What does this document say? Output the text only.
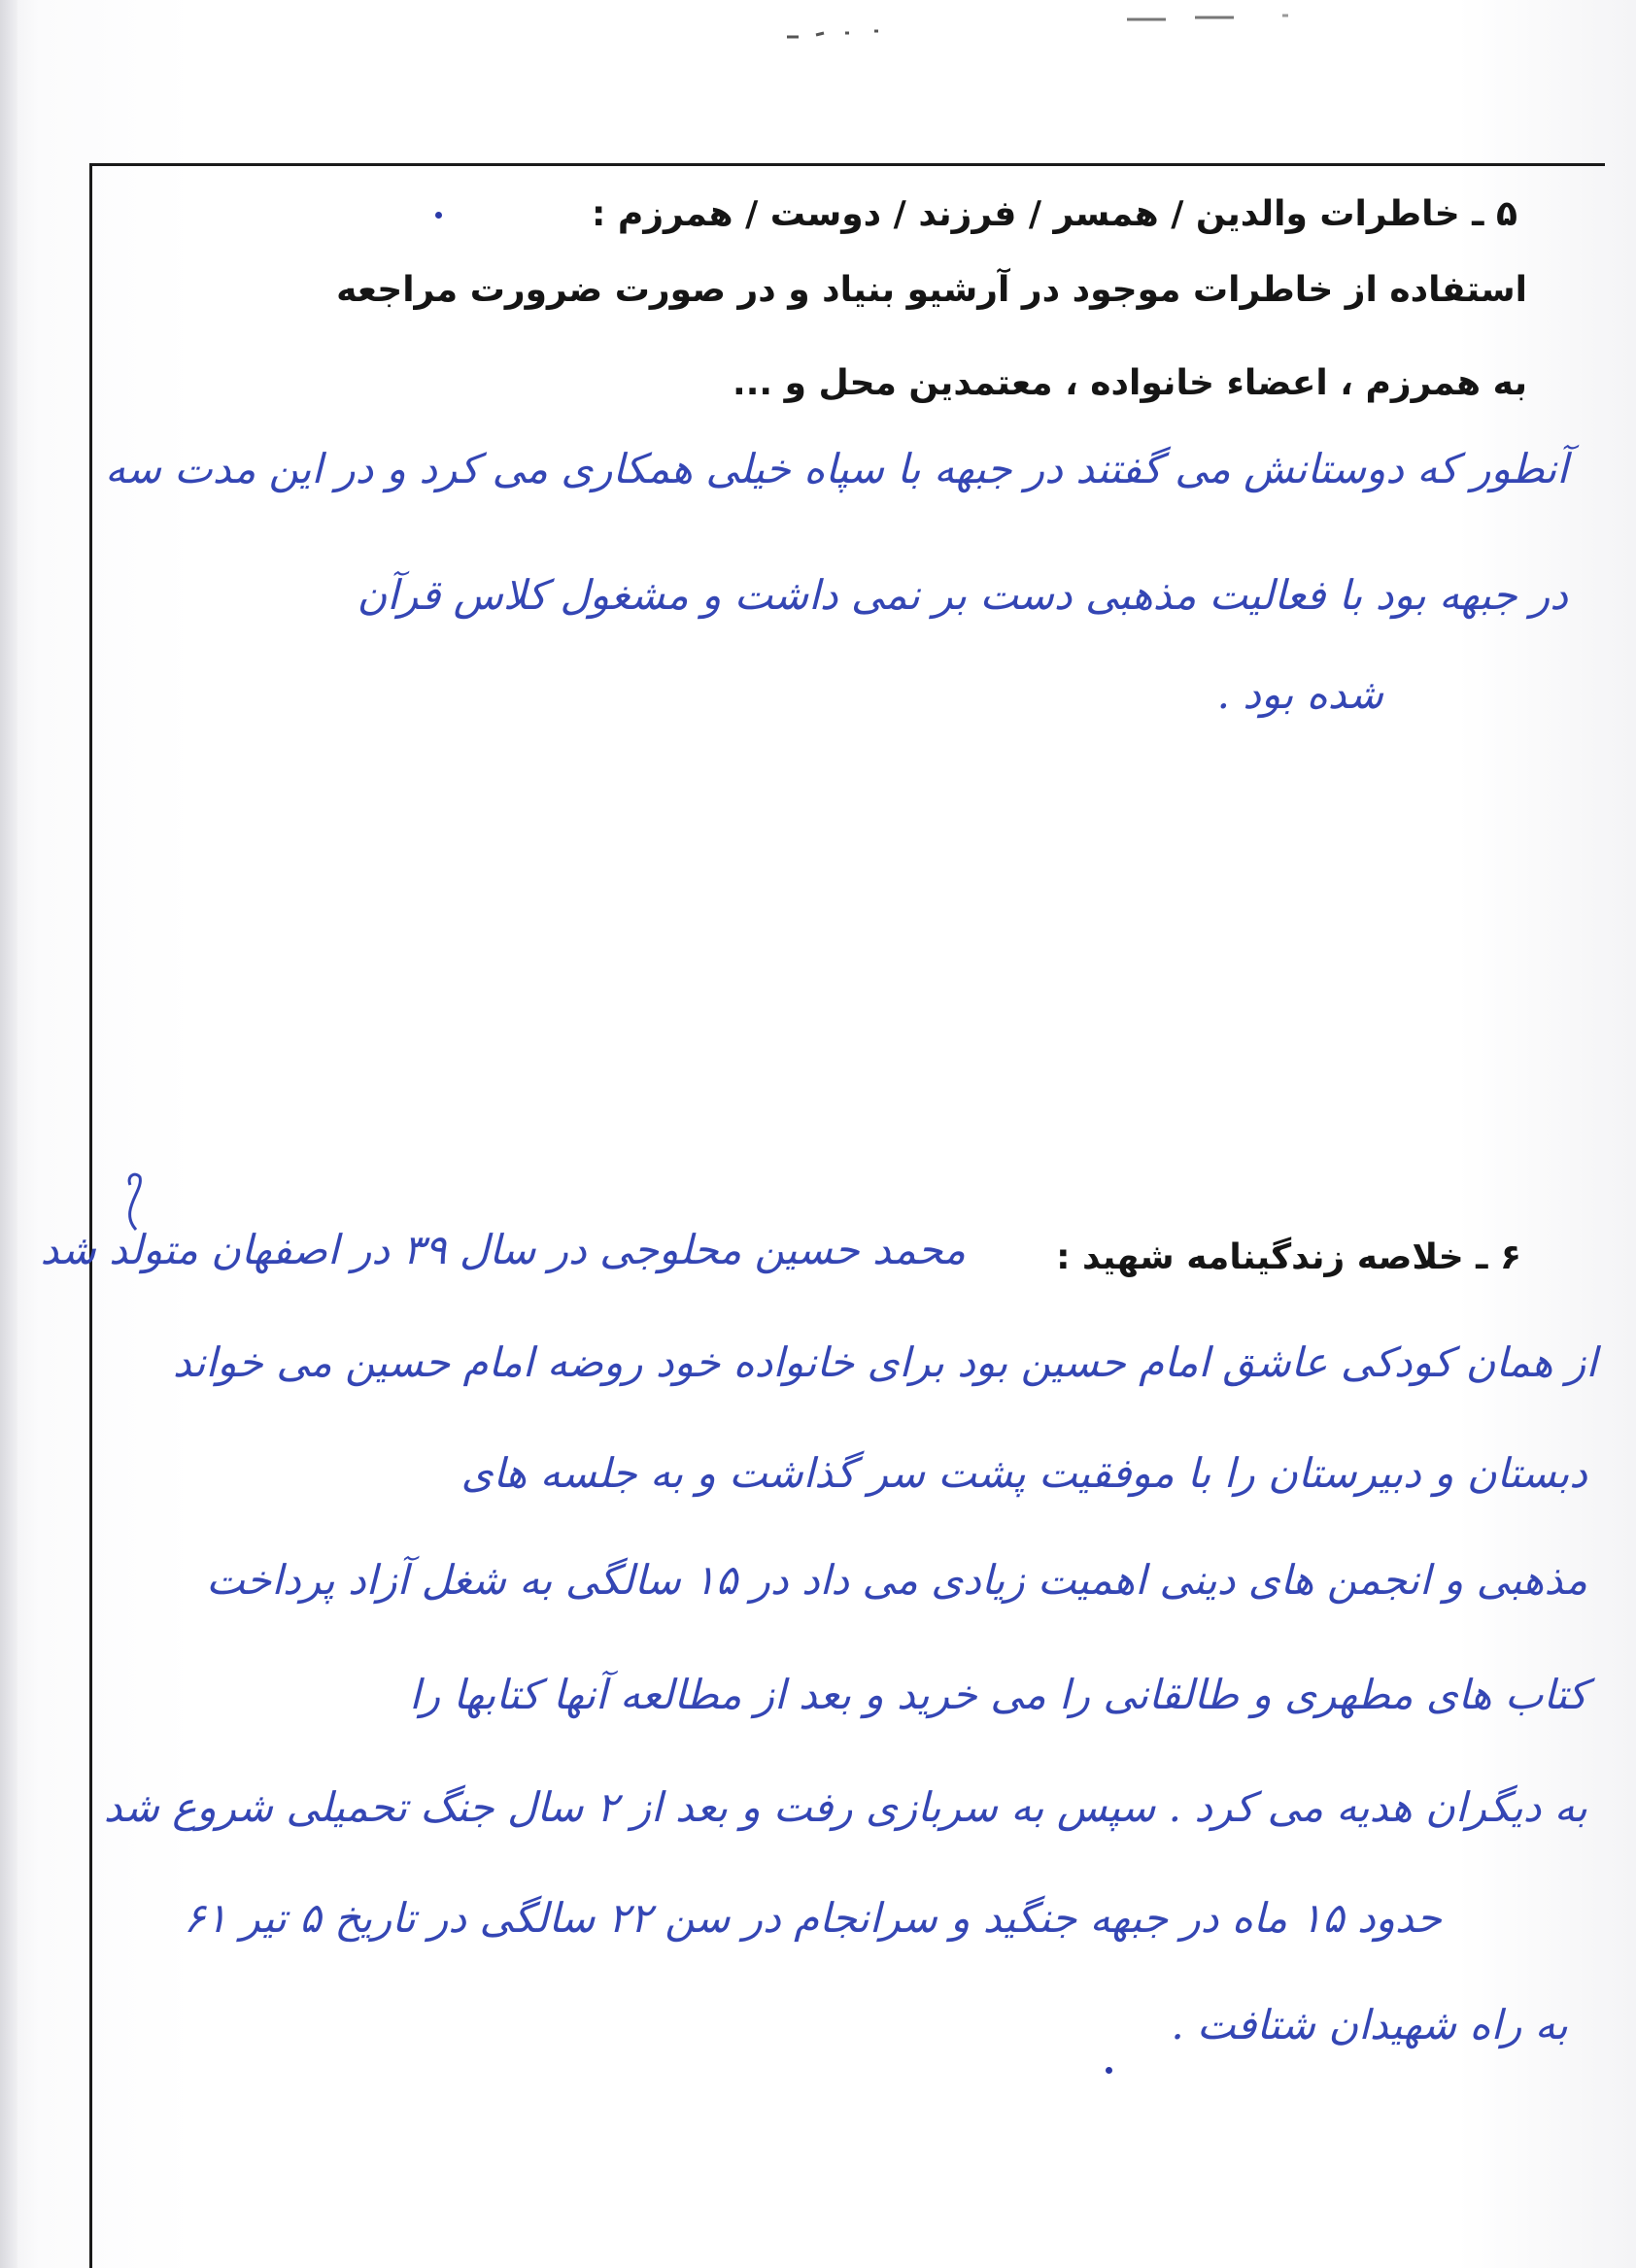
۵ ـ خاطرات والدین / همسر / فرزند / دوست / همرزم :
استفاده از خاطرات موجود در آرشیو بنیاد و در صورت ضرورت مراجعه
به همرزم ، اعضاء خانواده ، معتمدین محل و ...
آنطور که دوستانش می گفتند در جبهه با سپاه خیلی همکاری می کرد و در این مدت سه
در جبهه بود با فعالیت مذهبی دست بر نمی داشت و مشغول کلاس قرآن
شده بود .
۶ ـ خلاصه زندگینامه شهید :
محمد حسین محلوجی در سال ۳۹ در اصفهان متولد شد
از همان کودکی عاشق امام حسین بود برای خانواده خود روضه امام حسین می خواند
دبستان و دبیرستان را با موفقیت پشت سر گذاشت و به جلسه های
مذهبی و انجمن های دینی اهمیت زیادی می داد در ۱۵ سالگی به شغل آزاد پرداخت
کتاب های مطهری و طالقانی را می خرید و بعد از مطالعه آنها کتابها را
به دیگران هدیه می کرد . سپس به سربازی رفت و بعد از ۲ سال جنگ تحمیلی شروع شد
حدود ۱۵ ماه در جبهه جنگید و سرانجام در سن ۲۲ سالگی در تاریخ ۵ تیر ۶۱
به راه شهیدان شتافت .
